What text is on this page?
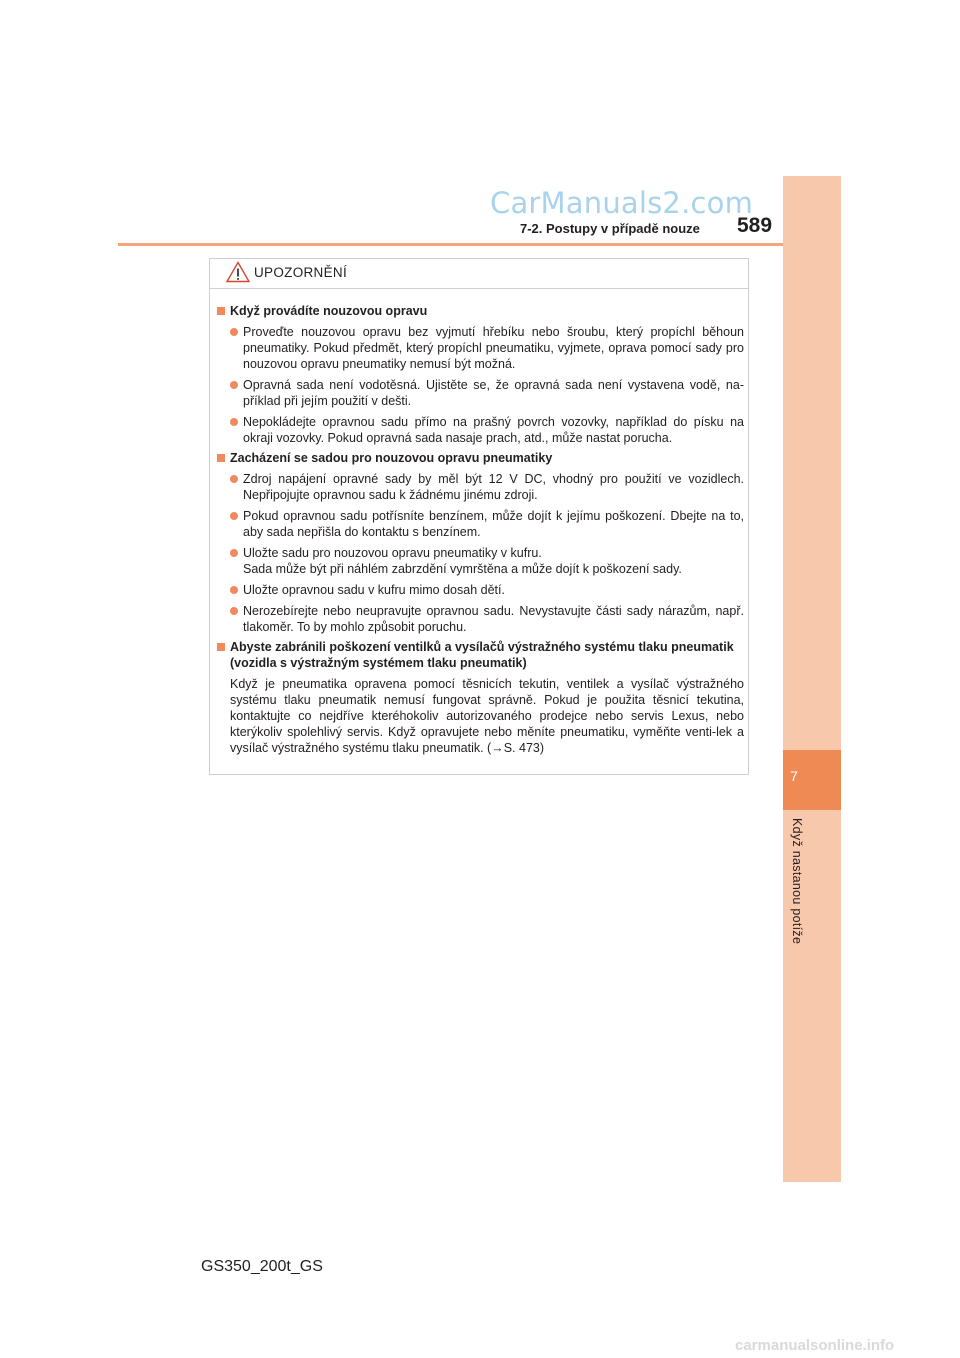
CarManuals2.com
7-2. Postupy v případě nouze 589
7
Když nastanou potíže
UPOZORNĚNÍ
Když provádíte nouzovou opravu
Proveďte nouzovou opravu bez vyjmutí hřebíku nebo šroubu, který propíchl běhoun pneumatiky. Pokud předmět, který propíchl pneumatiku, vyjmete, oprava pomocí sady pro nouzovou opravu pneumatiky nemusí být možná.
Opravná sada není vodotěsná. Ujistěte se, že opravná sada není vystavena vodě, na-příklad při jejím použití v dešti.
Nepokládejte opravnou sadu přímo na prašný povrch vozovky, například do písku na okraji vozovky. Pokud opravná sada nasaje prach, atd., může nastat porucha.
Zacházení se sadou pro nouzovou opravu pneumatiky
Zdroj napájení opravné sady by měl být 12 V DC, vhodný pro použití ve vozidlech. Nepřipojujte opravnou sadu k žádnému jinému zdroji.
Pokud opravnou sadu potřísníte benzínem, může dojít k jejímu poškození. Dbejte na to, aby sada nepřišla do kontaktu s benzínem.
Uložte sadu pro nouzovou opravu pneumatiky v kufru.
Sada může být při náhlém zabrzdění vymrštěna a může dojít k poškození sady.
Uložte opravnou sadu v kufru mimo dosah dětí.
Nerozebírejte nebo neupravujte opravnou sadu. Nevystavujte části sady nárazům, např. tlakoměr. To by mohlo způsobit poruchu.
Abyste zabránili poškození ventilků a vysílačů výstražného systému tlaku pneumatik
(vozidla s výstražným systémem tlaku pneumatik)
Když je pneumatika opravena pomocí těsnicích tekutin, ventilek a vysílač výstražného systému tlaku pneumatik nemusí fungovat správně. Pokud je použita těsnicí tekutina, kontaktujte co nejdříve kteréhokoliv autorizovaného prodejce nebo servis Lexus, nebo kterýkoliv spolehlivý servis. Když opravujete nebo měníte pneumatiku, vyměňte venti-lek a vysílač výstražného systému tlaku pneumatik. (→S. 473)
GS350_200t_GS
carmanualsonline.info
